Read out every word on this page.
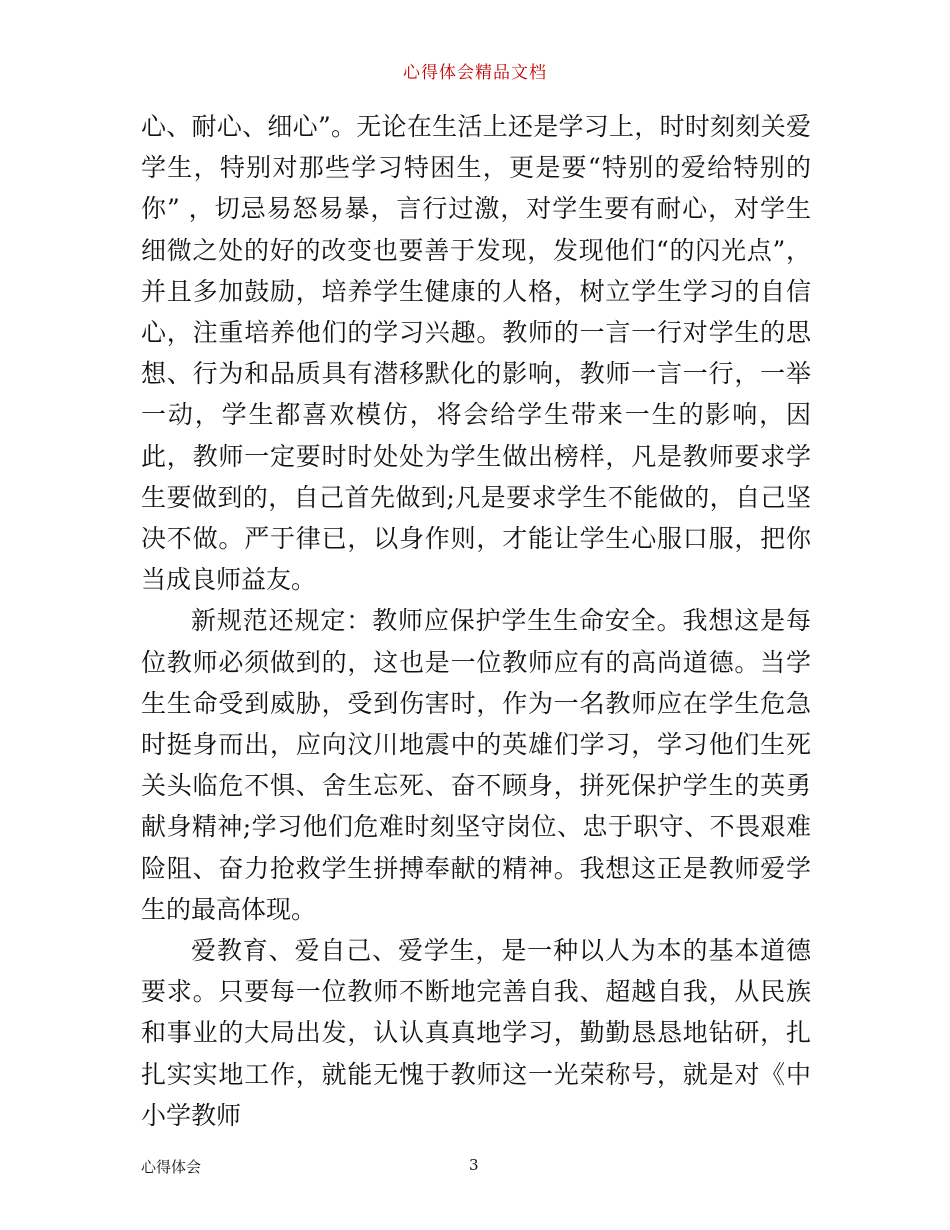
心得体会精品文档

心、耐心、细心”。无论在生活上还是学习上，时时刻刻关爱学生，特别对那些学习特困生，更是要“特别的爱给特别的你” ，切忌易怒易暴，言行过激，对学生要有耐心，对学生细微之处的好的改变也要善于发现，发现他们“的闪光点”，并且多加鼓励，培养学生健康的人格，树立学生学习的自信心，注重培养他们的学习兴趣。教师的一言一行对学生的思想、行为和品质具有潜移默化的影响，教师一言一行，一举一动，学生都喜欢模仿，将会给学生带来一生的影响，因此，教师一定要时时处处为学生做出榜样，凡是教师要求学生要做到的，自己首先做到;凡是要求学生不能做的，自己坚决不做。严于律已，以身作则，才能让学生心服口服，把你当成良师益友。

新规范还规定：教师应保护学生生命安全。我想这是每位教师必须做到的，这也是一位教师应有的高尚道德。当学生生命受到威胁，受到伤害时，作为一名教师应在学生危急时挺身而出，应向汶川地震中的英雄们学习，学习他们生死关头临危不惧、舍生忘死、奋不顾身，拼死保护学生的英勇献身精神;学习他们危难时刻坚守岗位、忠于职守、不畏艰难险阻、奋力抢救学生拼搏奉献的精神。我想这正是教师爱学生的最高体现。

爱教育、爱自己、爱学生，是一种以人为本的基本道德要求。只要每一位教师不断地完善自我、超越自我，从民族和事业的大局出发，认认真真地学习，勤勤恳恳地钻研，扎扎实实地工作，就能无愧于教师这一光荣称号，就是对《中小学教师

心得体会	3
